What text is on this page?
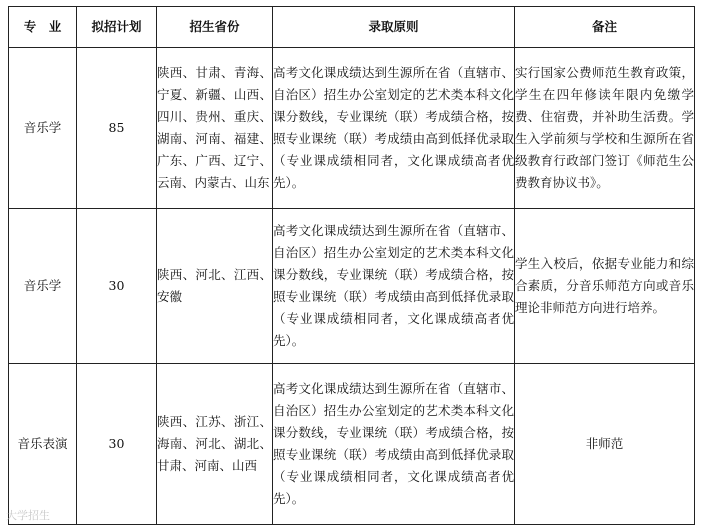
专　业	拟招计划	招生省份	录取原则	备注
音乐学	85	陕西、甘肃、青海、宁夏、新疆、山西、四川、贵州、重庆、湖南、河南、福建、广东、广西、辽宁、云南、内蒙古、山东	高考文化课成绩达到生源所在省（直辖市、自治区）招生办公室划定的艺术类本科文化课分数线，专业课统（联）考成绩合格，按照专业课统（联）考成绩由高到低择优录取（专业课成绩相同者，文化课成绩高者优先）。	实行国家公费师范生教育政策，学生在四年修读年限内免缴学费、住宿费，并补助生活费。学生入学前须与学校和生源所在省级教育行政部门签订《师范生公费教育协议书》。
音乐学	30	陕西、河北、江西、安徽	高考文化课成绩达到生源所在省（直辖市、自治区）招生办公室划定的艺术类本科文化课分数线，专业课统（联）考成绩合格，按照专业课统（联）考成绩由高到低择优录取（专业课成绩相同者，文化课成绩高者优先）。	学生入校后，依据专业能力和综合素质，分音乐师范方向或音乐理论非师范方向进行培养。
音乐表演	30	陕西、江苏、浙江、海南、河北、湖北、甘肃、河南、山西	高考文化课成绩达到生源所在省（直辖市、自治区）招生办公室划定的艺术类本科文化课分数线，专业课统（联）考成绩合格，按照专业课统（联）考成绩由高到低择优录取（专业课成绩相同者，文化课成绩高者优先）。	非师范
大学招生
